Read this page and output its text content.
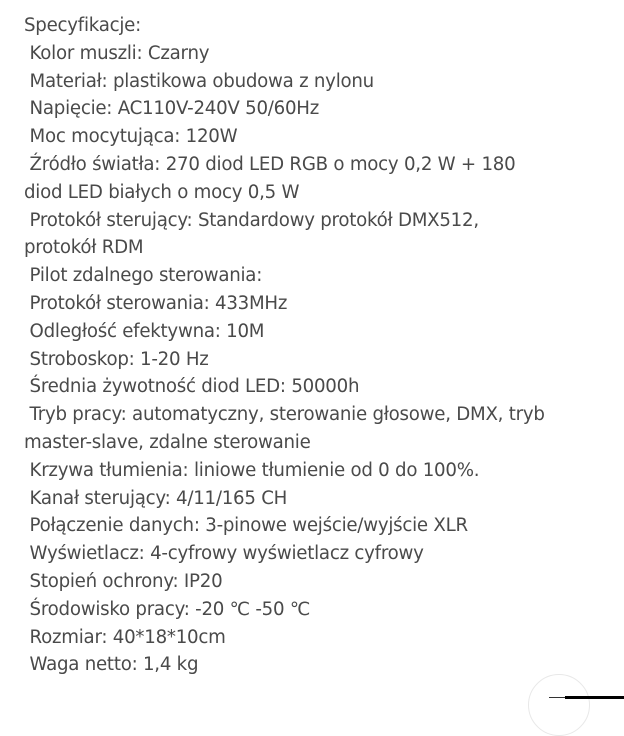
Specyfikacje:
Kolor muszli: Czarny
Materiał: plastikowa obudowa z nylonu
Napięcie: AC110V-240V 50/60Hz
Moc mocytująca: 120W
Źródło światła: 270 diod LED RGB o mocy 0,2 W + 180
diod LED białych o mocy 0,5 W
Protokół sterujący: Standardowy protokół DMX512,
protokół RDM
Pilot zdalnego sterowania:
Protokół sterowania: 433MHz
Odległość efektywna: 10M
Stroboskop: 1-20 Hz
Średnia żywotność diod LED: 50000h
Tryb pracy: automatyczny, sterowanie głosowe, DMX, tryb
master-slave, zdalne sterowanie
Krzywa tłumienia: liniowe tłumienie od 0 do 100%.
Kanał sterujący: 4/11/165 CH
Połączenie danych: 3-pinowe wejście/wyjście XLR
Wyświetlacz: 4-cyfrowy wyświetlacz cyfrowy
Stopień ochrony: IP20
Środowisko pracy: -20 ℃ -50 ℃
Rozmiar: 40*18*10cm
Waga netto: 1,4 kg
